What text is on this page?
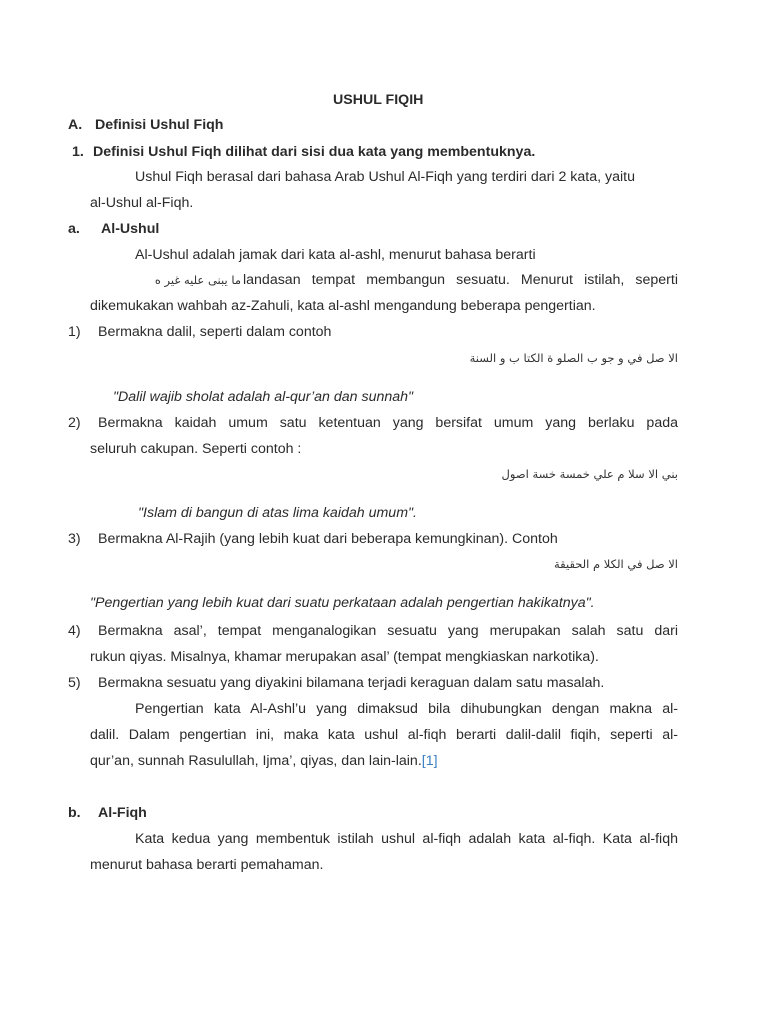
USHUL FIQIH
A. Definisi Ushul Fiqh
1. Definisi Ushul Fiqh dilihat dari sisi dua kata yang membentuknya.
Ushul Fiqh berasal dari bahasa Arab Ushul Al-Fiqh yang terdiri dari 2 kata, yaitu
al-Ushul al-Fiqh.
a. Al-Ushul
Al-Ushul adalah jamak dari kata al-ashl, menurut bahasa berarti
ما يبنى عليه غير ه landasan tempat membangun sesuatu. Menurut istilah, seperti
dikemukakan wahbah az-Zahuli, kata al-ashl mengandung beberapa pengertian.
1) Bermakna dalil, seperti dalam contoh
الا صل في و جو ب الصلو ة الكتا ب و السنة
"Dalil wajib sholat adalah al-qur’an dan sunnah"
2) Bermakna kaidah umum satu ketentuan yang bersifat umum yang berlaku pada
seluruh cakupan. Seperti contoh :
بني الا سلا م علي خمسة خسة اصول
"Islam di bangun di atas lima kaidah umum".
3) Bermakna Al-Rajih (yang lebih kuat dari beberapa kemungkinan). Contoh
الا صل في الكلا م الحقيقة
"Pengertian yang lebih kuat dari suatu perkataan adalah pengertian hakikatnya".
4) Bermakna asal’, tempat menganalogikan sesuatu yang merupakan salah satu dari
rukun qiyas. Misalnya, khamar merupakan asal’ (tempat mengkiaskan narkotika).
5) Bermakna sesuatu yang diyakini bilamana terjadi keraguan dalam satu masalah.
Pengertian kata Al-Ashl’u yang dimaksud bila dihubungkan dengan makna al-
dalil. Dalam pengertian ini, maka kata ushul al-fiqh berarti dalil-dalil fiqih, seperti al-
qur’an, sunnah Rasulullah, Ijma’, qiyas, dan lain-lain.[1]
b. Al-Fiqh
Kata kedua yang membentuk istilah ushul al-fiqh adalah kata al-fiqh. Kata al-fiqh
menurut bahasa berarti pemahaman.
